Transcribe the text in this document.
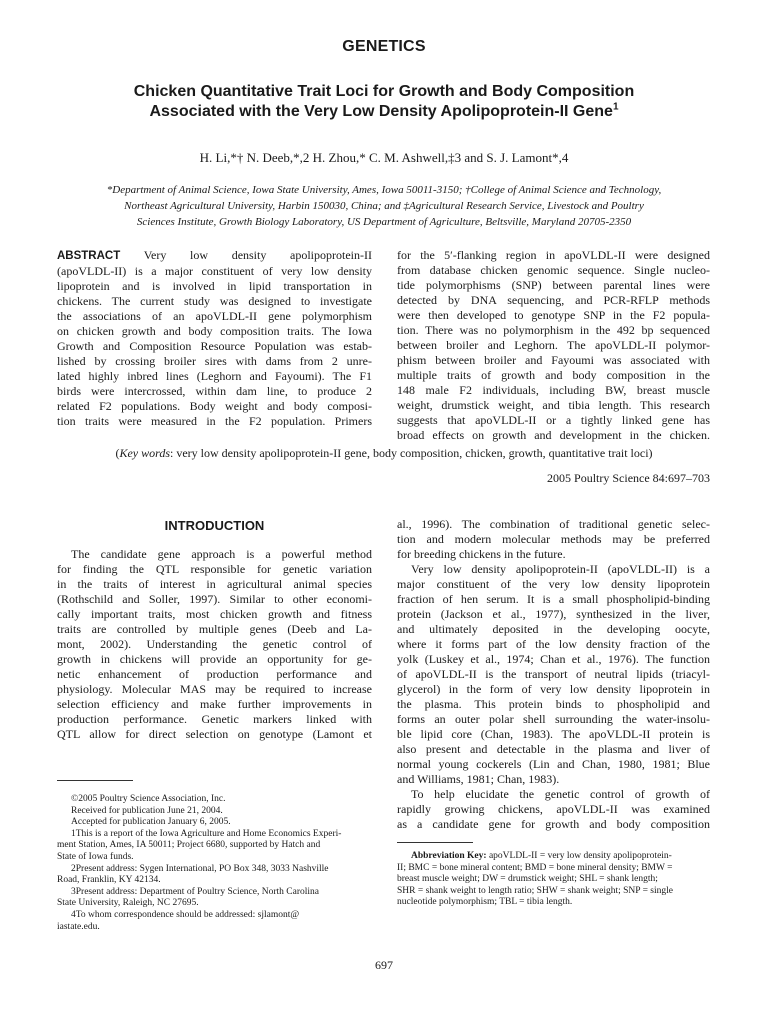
GENETICS
Chicken Quantitative Trait Loci for Growth and Body Composition
Associated with the Very Low Density Apolipoprotein-II Gene$^1$
H. Li,*† N. Deeb,*,2 H. Zhou,* C. M. Ashwell,‡3 and S. J. Lamont*,4
*Department of Animal Science, Iowa State University, Ames, Iowa 50011-3150; †College of Animal Science and Technology,
Northeast Agricultural University, Harbin 150030, China; and ‡Agricultural Research Service, Livestock and Poultry
Sciences Institute, Growth Biology Laboratory, US Department of Agriculture, Beltsville, Maryland 20705-2350
ABSTRACT Very low density apolipoprotein-II
(apoVLDL-II) is a major constituent of very low density
lipoprotein and is involved in lipid transportation in
chickens. The current study was designed to investigate
the associations of an apoVLDL-II gene polymorphism
on chicken growth and body composition traits. The Iowa
Growth and Composition Resource Population was estab-
lished by crossing broiler sires with dams from 2 unre-
lated highly inbred lines (Leghorn and Fayoumi). The F1
birds were intercrossed, within dam line, to produce 2
related F2 populations. Body weight and body composi-
tion traits were measured in the F2 population. Primers
for the 5′-flanking region in apoVLDL-II were designed
from database chicken genomic sequence. Single nucleo-
tide polymorphisms (SNP) between parental lines were
detected by DNA sequencing, and PCR-RFLP methods
were then developed to genotype SNP in the F2 popula-
tion. There was no polymorphism in the 492 bp sequenced
between broiler and Leghorn. The apoVLDL-II polymor-
phism between broiler and Fayoumi was associated with
multiple traits of growth and body composition in the
148 male F2 individuals, including BW, breast muscle
weight, drumstick weight, and tibia length. This research
suggests that apoVLDL-II or a tightly linked gene has
broad effects on growth and development in the chicken.
(Key words: very low density apolipoprotein-II gene, body composition, chicken, growth, quantitative trait loci)
2005 Poultry Science 84:697–703
INTRODUCTION
The candidate gene approach is a powerful method
for finding the QTL responsible for genetic variation
in the traits of interest in agricultural animal species
(Rothschild and Soller, 1997). Similar to other economi-
cally important traits, most chicken growth and fitness
traits are controlled by multiple genes (Deeb and La-
mont, 2002). Understanding the genetic control of
growth in chickens will provide an opportunity for ge-
netic enhancement of production performance and
physiology. Molecular MAS may be required to increase
selection efficiency and make further improvements in
production performance. Genetic markers linked with
QTL allow for direct selection on genotype (Lamont et
al., 1996). The combination of traditional genetic selec-
tion and modern molecular methods may be preferred
for breeding chickens in the future.
Very low density apolipoprotein-II (apoVLDL-II) is a
major constituent of the very low density lipoprotein
fraction of hen serum. It is a small phospholipid-binding
protein (Jackson et al., 1977), synthesized in the liver,
and ultimately deposited in the developing oocyte,
where it forms part of the low density fraction of the
yolk (Luskey et al., 1974; Chan et al., 1976). The function
of apoVLDL-II is the transport of neutral lipids (triacyl-
glycerol) in the form of very low density lipoprotein in
the plasma. This protein binds to phospholipid and
forms an outer polar shell surrounding the water-insolu-
ble lipid core (Chan, 1983). The apoVLDL-II protein is
also present and detectable in the plasma and liver of
normal young cockerels (Lin and Chan, 1980, 1981; Blue
and Williams, 1981; Chan, 1983).
To help elucidate the genetic control of growth of
rapidly growing chickens, apoVLDL-II was examined
as a candidate gene for growth and body composition
©2005 Poultry Science Association, Inc.
Received for publication June 21, 2004.
Accepted for publication January 6, 2005.
1This is a report of the Iowa Agriculture and Home Economics Experi-
ment Station, Ames, IA 50011; Project 6680, supported by Hatch and
State of Iowa funds.
2Present address: Sygen International, PO Box 348, 3033 Nashville
Road, Franklin, KY 42134.
3Present address: Department of Poultry Science, North Carolina
State University, Raleigh, NC 27695.
4To whom correspondence should be addressed: sjlamont@
iastate.edu.
Abbreviation Key: apoVLDL-II = very low density apolipoprotein-
II; BMC = bone mineral content; BMD = bone mineral density; BMW =
breast muscle weight; DW = drumstick weight; SHL = shank length;
SHR = shank weight to length ratio; SHW = shank weight; SNP = single
nucleotide polymorphism; TBL = tibia length.
697
